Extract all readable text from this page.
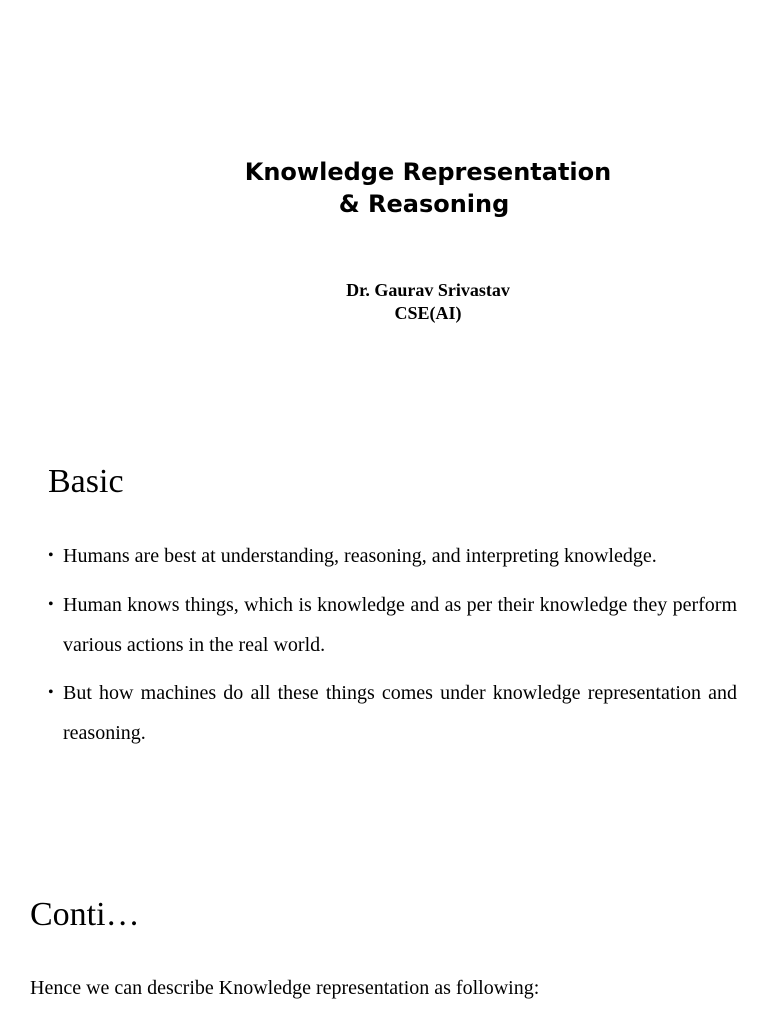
Knowledge Representation
& Reasoning
Dr. Gaurav Srivastav
CSE(AI)
Basic
• Humans are best at understanding, reasoning, and interpreting knowledge.
• Human knows things, which is knowledge and as per their knowledge they perform various actions in the real world.
• But how machines do all these things comes under knowledge representation and reasoning.
Conti…
Hence we can describe Knowledge representation as following:
